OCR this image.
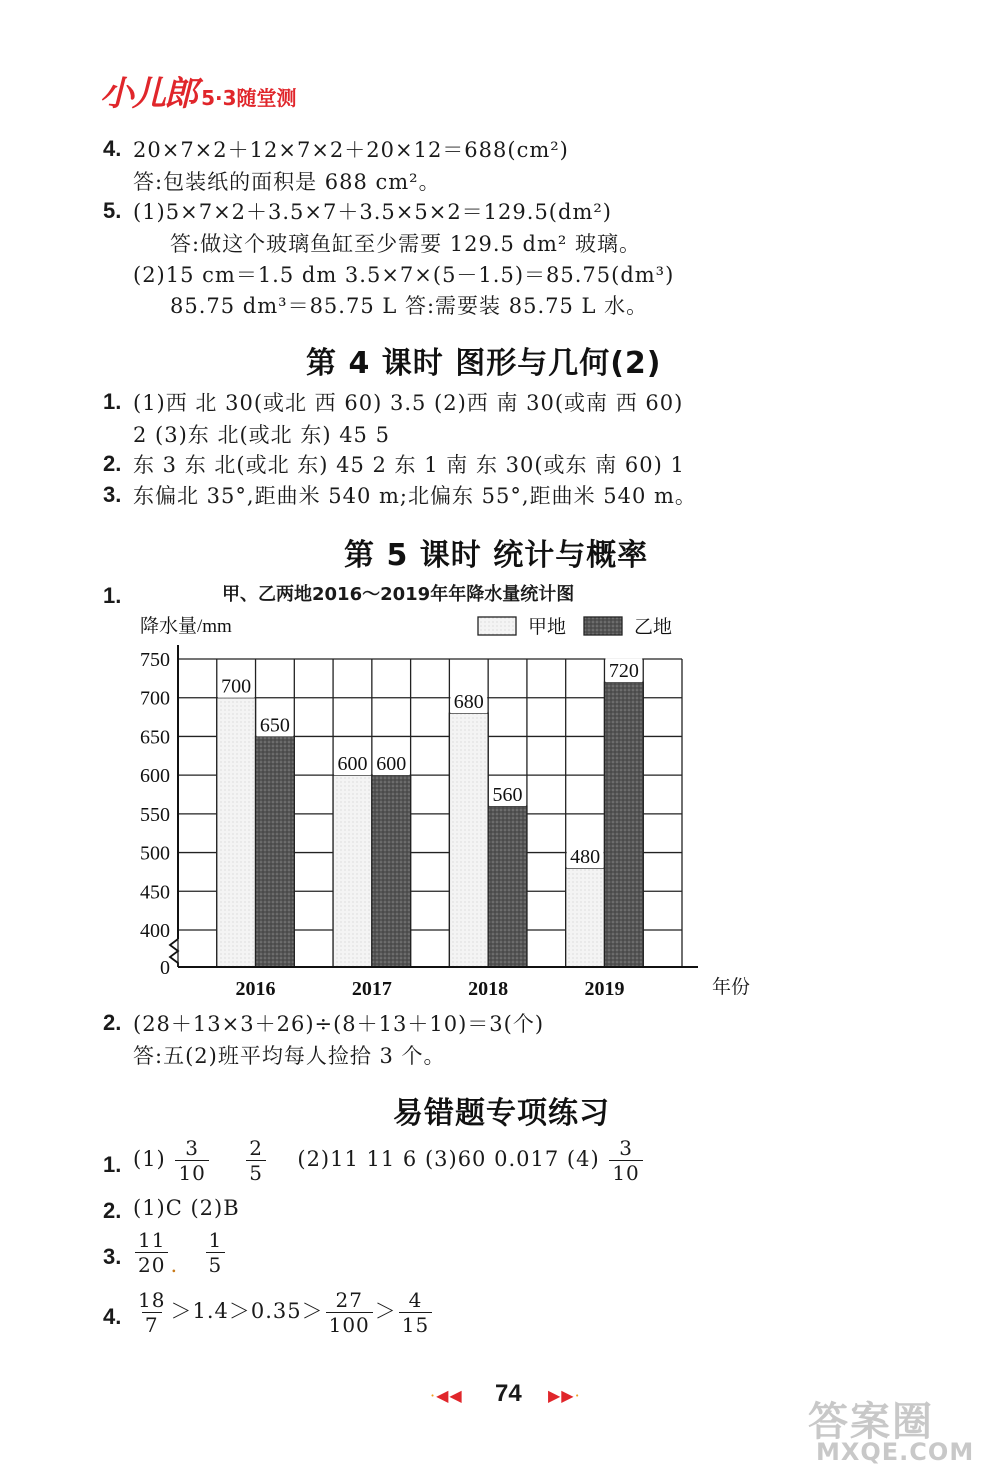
小儿郎 5·3随堂测
4. 20×7×2＋12×7×2＋20×12＝688(cm²)
答:包装纸的面积是 688 cm²。
5. (1)5×7×2＋3.5×7＋3.5×5×2＝129.5(dm²)
答:做这个玻璃鱼缸至少需要 129.5 dm² 玻璃。
(2)15 cm＝1.5 dm 3.5×7×(5－1.5)＝85.75(dm³)
85.75 dm³＝85.75 L 答:需要装 85.75 L 水。
第 4 课时 图形与几何(2)
1. (1)西 北 30(或北 西 60) 3.5 (2)西 南 30(或南 西 60)
2 (3)东 北(或北 东) 45 5
2. 东 3 东 北(或北 东) 45 2 东 1 南 东 30(或东 南 60) 1
3. 东偏北 35°,距曲米 540 m;北偏东 55°,距曲米 540 m。
第 5 课时 统计与概率
1.	甲、乙两地2016～2019年年降水量统计图
0
400
450
500
550
600
650
700
750
降水量/mm
年份
甲地	乙地
700
650
2016
600 600
2017
680
560
2018
480
720
2019
2. (28＋13×3＋26)÷(8＋13＋10)＝3(个)
答:五(2)班平均每人捡拾 3 个。
易错题专项练习
1. $(1) \frac{3}{10}$
$\frac{2}{5} (2)11$ 11 6 (3)60 0.017 $(4) \frac{3}{10}$
2. (1)C (2)B
3. $\frac{11}{20}$ . $\frac{1}{5}$
4. $\frac{18}{7} >1.4>0.35> \frac{27}{100} > \frac{4}{15}$
·◀◀ 74 ▶▶·
答案圈
MXQE.COM
